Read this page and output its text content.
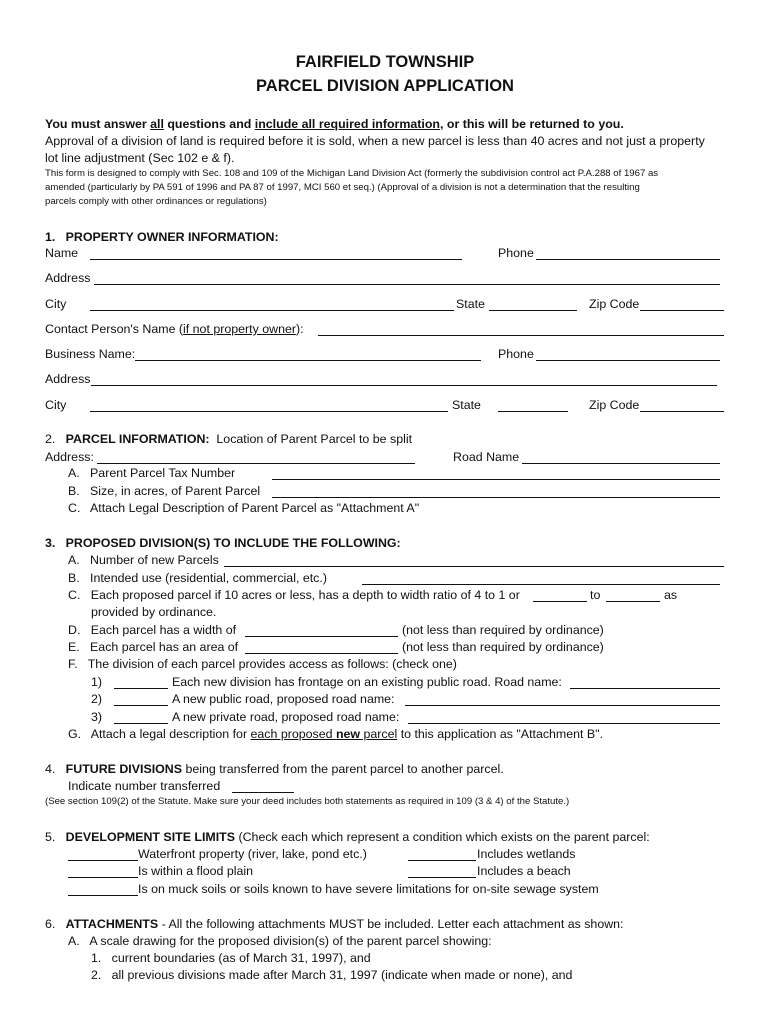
FAIRFIELD TOWNSHIP
PARCEL DIVISION APPLICATION
You must answer all questions and include all required information, or this will be returned to you.
Approval of a division of land is required before it is sold, when a new parcel is less than 40 acres and not just a property
lot line adjustment (Sec 102 e & f).
This form is designed to comply with Sec. 108 and 109 of the Michigan Land Division Act (formerly the subdivision control act P.A.288 of 1967 as
amended (particularly by PA 591 of 1996 and PA 87 of 1997, MCI 560 et seq.) (Approval of a division is not a determination that the resulting
parcels comply with other ordinances or regulations)
1.   PROPERTY OWNER INFORMATION:
Name	Phone
Address
City	State	Zip Code
Contact Person's Name (if not property owner):
Business Name:	Phone
Address
City	State	Zip Code
2.   PARCEL INFORMATION:  Location of Parent Parcel to be split
Address:	Road Name
A.   Parent Parcel Tax Number
B.   Size, in acres, of Parent Parcel
C.   Attach Legal Description of Parent Parcel as "Attachment A"
3.   PROPOSED DIVISION(S) TO INCLUDE THE FOLLOWING:
A.   Number of new Parcels
B.   Intended use (residential, commercial, etc.)
C.   Each proposed parcel if 10 acres or less, has a depth to width ratio of 4 to 1 or	to	as
provided by ordinance.
D.   Each parcel has a width of	(not less than required by ordinance)
E.   Each parcel has an area of	(not less than required by ordinance)
F.   The division of each parcel provides access as follows: (check one)
1)	Each new division has frontage on an existing public road. Road name:
2)	A new public road, proposed road name:
3)	A new private road, proposed road name:
G.   Attach a legal description for each proposed new parcel to this application as "Attachment B".
4.   FUTURE DIVISIONS being transferred from the parent parcel to another parcel.
Indicate number transferred
(See section 109(2) of the Statute. Make sure your deed includes both statements as required in 109 (3 & 4) of the Statute.)
5.   DEVELOPMENT SITE LIMITS (Check each which represent a condition which exists on the parent parcel:
Waterfront property (river, lake, pond etc.)	Includes wetlands
Is within a flood plain	Includes a beach
Is on muck soils or soils known to have severe limitations for on-site sewage system
6.   ATTACHMENTS - All the following attachments MUST be included. Letter each attachment as shown:
A.   A scale drawing for the proposed division(s) of the parent parcel showing:
1.   current boundaries (as of March 31, 1997), and
2.   all previous divisions made after March 31, 1997 (indicate when made or none), and
